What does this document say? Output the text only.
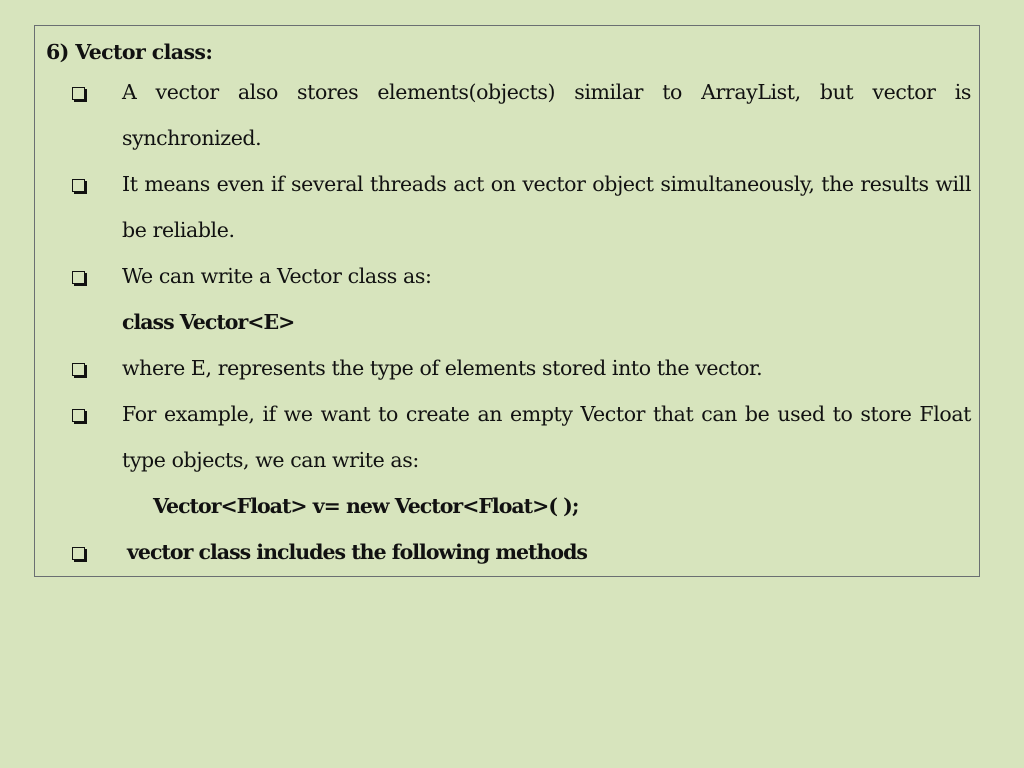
6) Vector class:

A vector also stores elements(objects) similar to ArrayList, but vector is

synchronized.

It means even if several threads act on vector object simultaneously, the results will

be reliable.

We can write a Vector class as:

class Vector<E>

where E, represents the type of elements stored into the vector.

For example, if we want to create an empty Vector that can be used to store Float

type objects, we can write as:

Vector<Float> v= new Vector<Float>( );

vector class includes the following methods
